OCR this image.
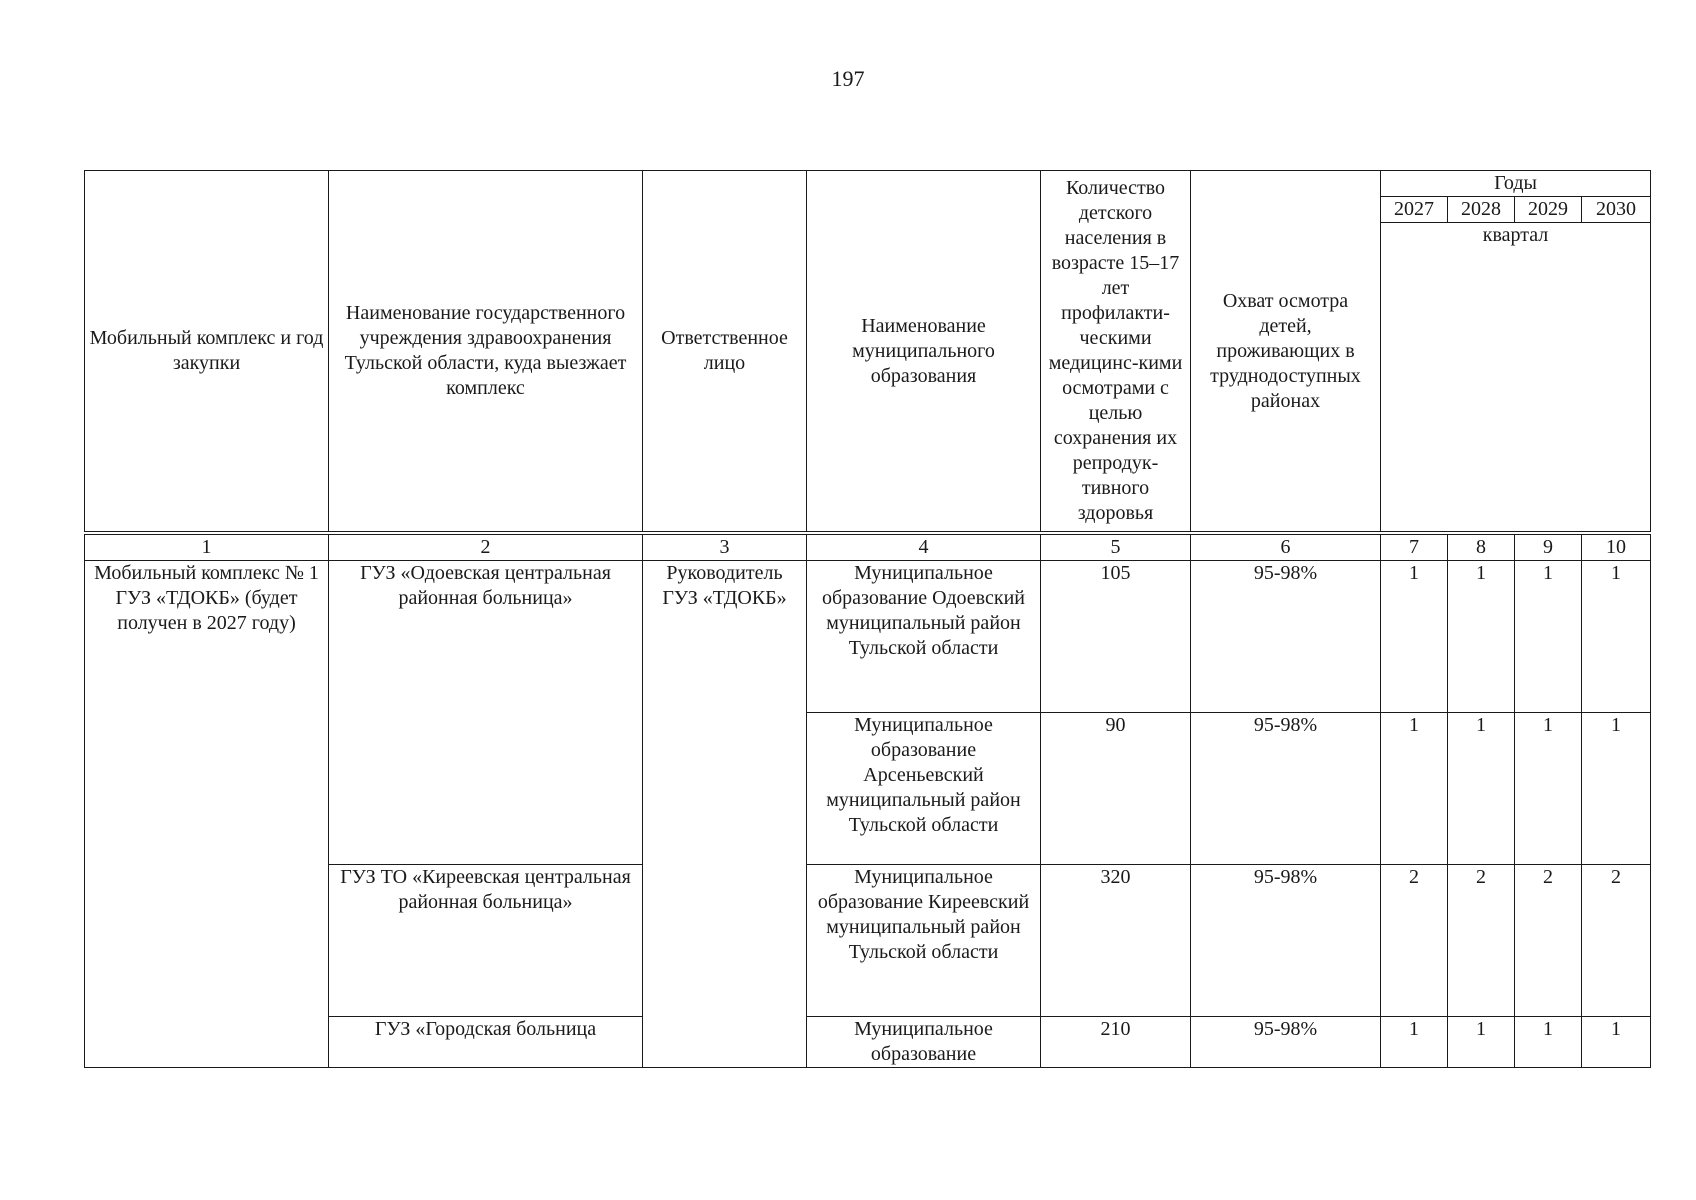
197
Мобильный комплекс и год закупки	Наименование государственного учреждения здравоохранения Тульской области, куда выезжает комплекс	Ответственное лицо	Наименование муниципального образования	Количество детского населения в возрасте 15–17 лет профилакти-ческими медицинс-кими осмотрами с целью сохранения их репродук-тивного здоровья	Охват осмотра детей, проживающих в труднодоступных районах	Годы			
						2027	2028	2029	2030
						квартал			

1	2	3	4	5	6	7	8	9	10
Мобильный комплекс № 1 ГУЗ «ТДОКБ» (будет получен в 2027 году)	ГУЗ «Одоевская центральная районная больница»	Руководитель ГУЗ «ТДОКБ»	Муниципальное образование Одоевский муниципальный район Тульской области	105	95-98%	1	1	1	1
			Муниципальное образование Арсеньевский муниципальный район Тульской области	90	95-98%	1	1	1	1
	ГУЗ ТО «Киреевская центральная районная больница»		Муниципальное образование Киреевский муниципальный район Тульской области	320	95-98%	2	2	2	2
	ГУЗ «Городская больница		Муниципальное образование	210	95-98%	1	1	1	1
